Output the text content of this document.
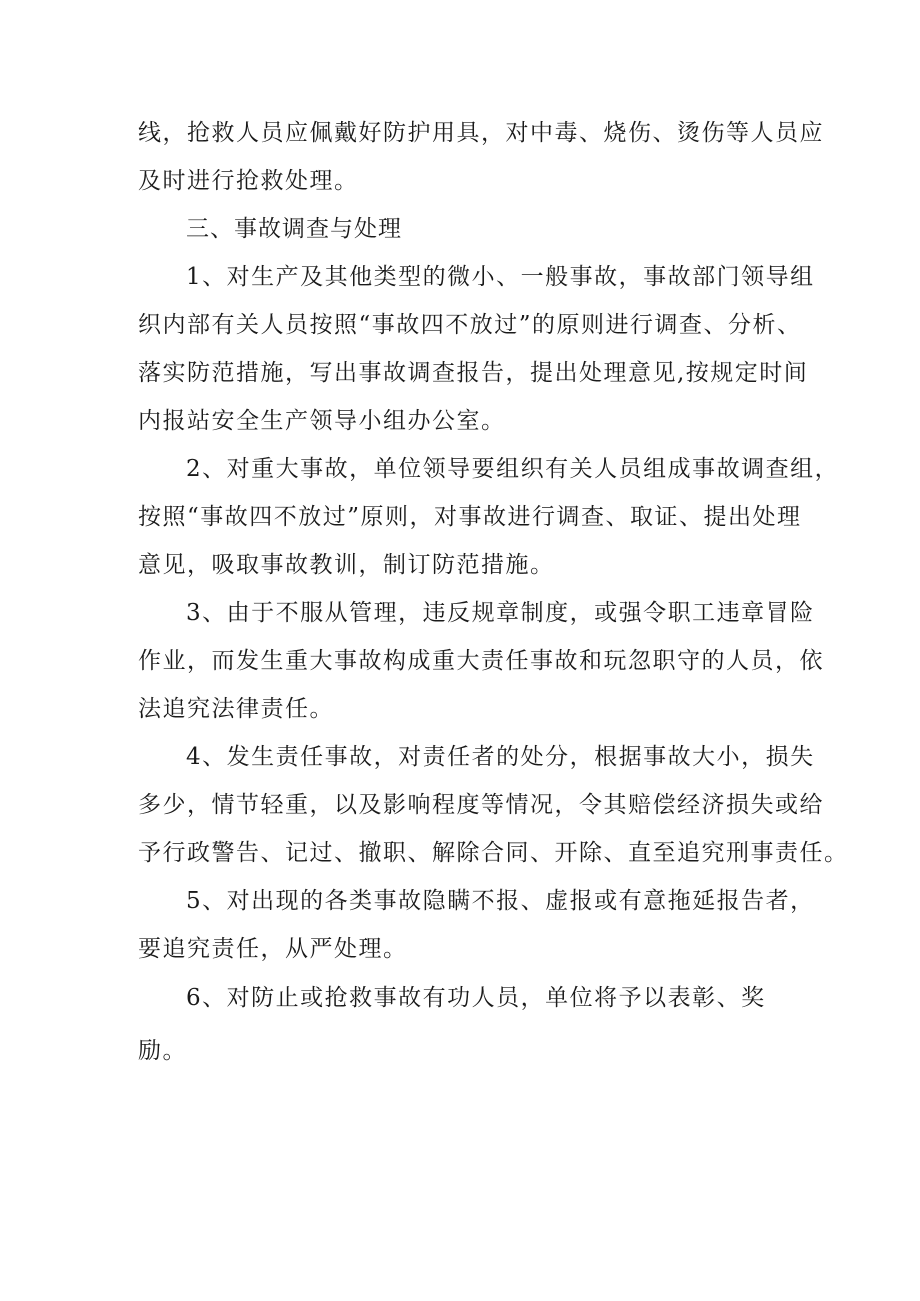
线，抢救人员应佩戴好防护用具，对中毒、烧伤、烫伤等人员应
及时进行抢救处理。
三、事故调查与处理
1、对生产及其他类型的微小、一般事故，事故部门领导组
织内部有关人员按照“事故四不放过”的原则进行调查、分析、
落实防范措施，写出事故调查报告，提出处理意见,按规定时间
内报站安全生产领导小组办公室。
2、对重大事故，单位领导要组织有关人员组成事故调查组，
按照“事故四不放过”原则，对事故进行调查、取证、提出处理
意见，吸取事故教训，制订防范措施。
3、由于不服从管理，违反规章制度，或强令职工违章冒险
作业，而发生重大事故构成重大责任事故和玩忽职守的人员，依
法追究法律责任。
4、发生责任事故，对责任者的处分，根据事故大小，损失
多少，情节轻重，以及影响程度等情况，令其赔偿经济损失或给
予行政警告、记过、撤职、解除合同、开除、直至追究刑事责任。
5、对出现的各类事故隐瞒不报、虚报或有意拖延报告者，
要追究责任，从严处理。
6、对防止或抢救事故有功人员，单位将予以表彰、奖
励。
